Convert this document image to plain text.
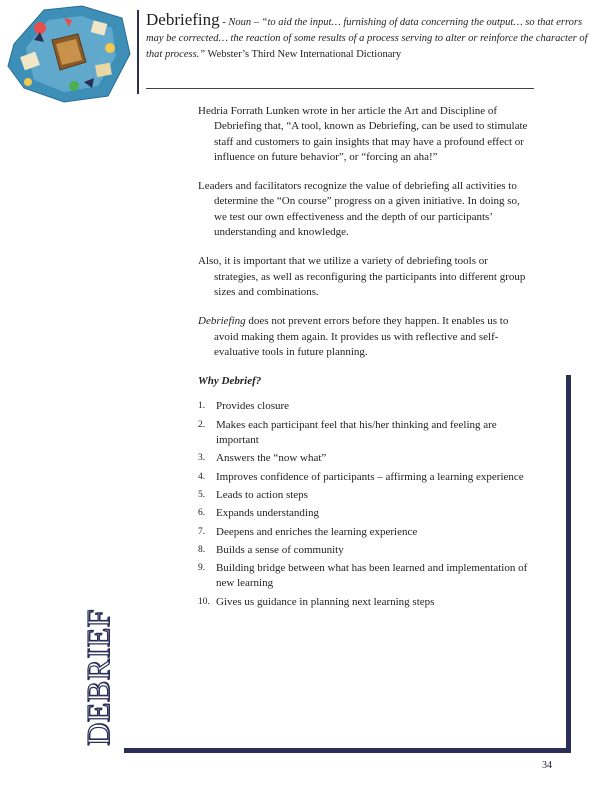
Debriefing - Noun – “to aid the input… furnishing of data concerning the output… so that errors may be corrected… the reaction of some results of a process serving to alter or reinforce the character of that process.” Webster’s Third New International Dictionary

Hedria Forrath Lunken wrote in her article the Art and Discipline of Debriefing that, “A tool, known as Debriefing, can be used to stimulate staff and customers to gain insights that may have a profound effect or influence on future behavior”, or “forcing an aha!”

Leaders and facilitators recognize the value of debriefing all activities to determine the “On course” progress on a given initiative. In doing so, we test our own effectiveness and the depth of our participants’ understanding and knowledge.

Also, it is important that we utilize a variety of debriefing tools or strategies, as well as reconfiguring the participants into different group sizes and combinations.

Debriefing does not prevent errors before they happen. It enables us to avoid making them again. It provides us with reflective and self-evaluative tools in future planning.

Why Debrief?

1. Provides closure
2. Makes each participant feel that his/her thinking and feeling are important
3. Answers the “now what”
4. Improves confidence of participants – affirming a learning experience
5. Leads to action steps
6. Expands understanding
7. Deepens and enriches the learning experience
8. Builds a sense of community
9. Building bridge between what has been learned and implementation of new learning
10. Gives us guidance in planning next learning steps
DEBRIEF
34
